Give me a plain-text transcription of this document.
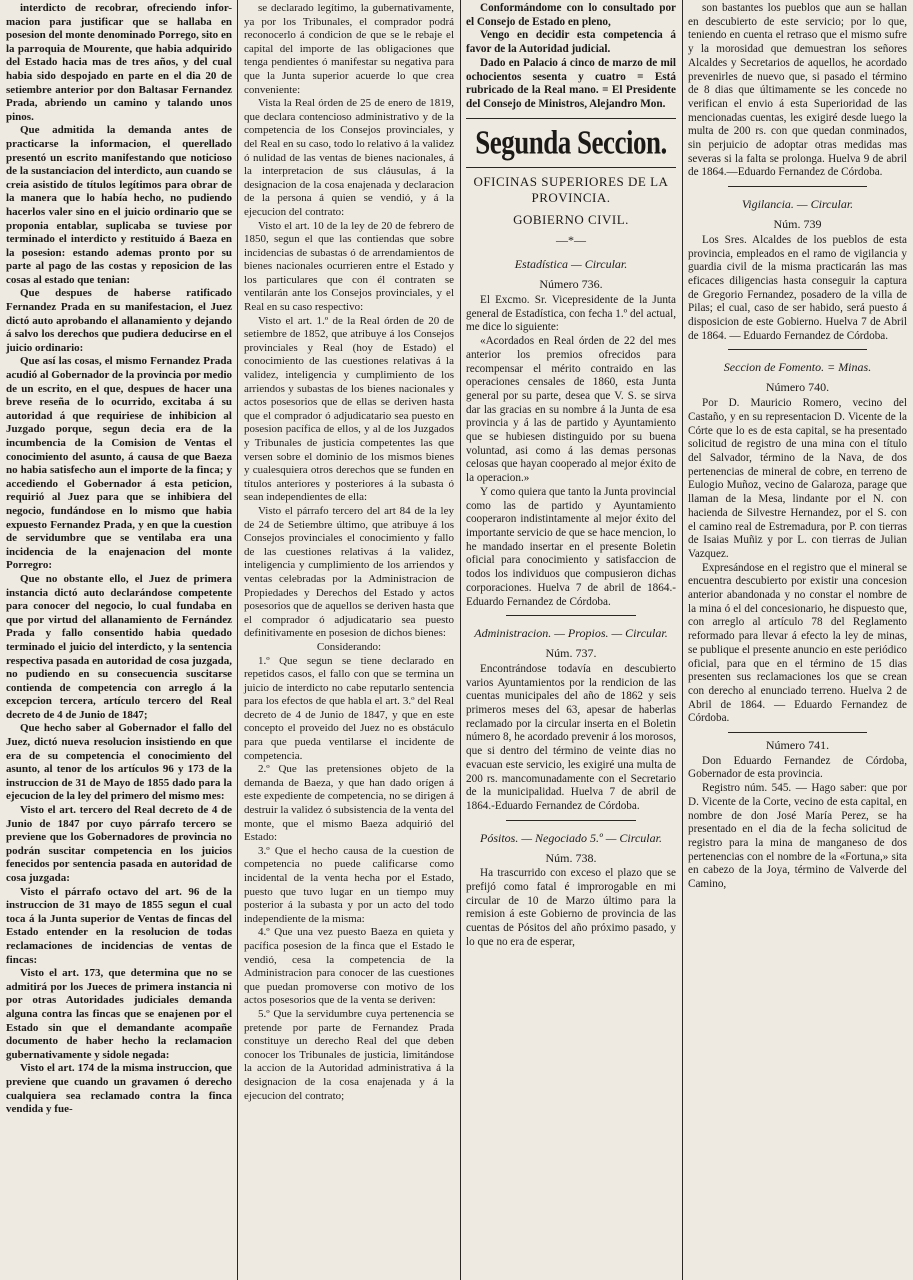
interdicto de recobrar, ofreciendo infor- macion para justificar que se hallaba en posesion del monte denominado Porrego, sito en la parroquia de Mourente, que habia adquirido del Estado hacia mas de tres años, y del cual habia sido despojado en parte en el dia 20 de setiembre anterior por don Baltasar Fernandez Prada, abriendo un camino y talando unos pinos.

Que admitida la demanda antes de practicarse la informacion, el querellado presentó un escrito manifestando que noticioso de la sustanciacion del interdicto, aun cuando se creia asistido de títulos legítimos para obrar de la manera que lo había hecho, no pudiendo hacerlos valer sino en el juicio ordinario que se proponia entablar, suplicaba se tuviese por terminado el interdicto y restituido á Baeza en la posesion: estando ademas pronto por su parte al pago de las costas y reposicion de las cosas al estado que tenian:

Que despues de haberse ratificado Fernandez Prada en su manifestacion, el Juez dictó auto aprobando el allanamiento y dejando á salvo los derechos que pudiera deducirse en el juicio ordinario:

Que así las cosas, el mismo Fernandez Prada acudió al Gobernador de la provincia por medio de un escrito, en el que, despues de hacer una breve reseña de lo ocurrido, excitaba á su autoridad á que requiriese de inhibicion al Juzgado porque, segun decia era de la incumbencia de la Comision de Ventas el conocimiento del asunto, á causa de que Baeza no habia satisfecho aun el importe de la finca; y accediendo el Gobernador á esta peticion, requirió al Juez para que se inhibiera del negocio, fundándose en lo mismo que habia expuesto Fernandez Prada, y en que la cuestion de servidumbre que se ventilaba era una incidencia de la enajenacion del monte Porregro:

Que no obstante ello, el Juez de primera instancia dictó auto declarándose competente para conocer del negocio, lo cual fundaba en que por virtud del allanamiento de Fernández Prada y fallo consentido habia quedado terminado el juicio del interdicto, y la sentencia respectiva pasada en autoridad de cosa juzgada, no pudiendo en su consecuencia suscitarse contienda de competencia con arreglo á la excepcion tercera, artículo tercero del Real decreto de 4 de Junio de 1847;

Que hecho saber al Gobernador el fallo del Juez, dictó nueva resolucion insistiendo en que era de su competencia el conocimiento del asunto, al tenor de los artículos 96 y 173 de la instruccion de 31 de Mayo de 1855 dado para la ejecucion de la ley del primero del mismo mes:

Visto el art. tercero del Real decreto de 4 de Junio de 1847 por cuyo párrafo tercero se previene que los Gobernadores de provincia no podrán suscitar competencia en los juicios fenecidos por sentencia pasada en autoridad de cosa juzgada:

Visto el párrafo octavo del art. 96 de la instruccion de 31 mayo de 1855 segun el cual toca á la Junta superior de Ventas de fincas del Estado entender en la resolucion de todas reclamaciones de incidencias de ventas de fincas:

Visto el art. 173, que determina que no se admitirá por los Jueces de primera instancia ni por otras Autoridades judiciales demanda alguna contra las fincas que se enajenen por el Estado sin que el demandante acompañe documento de haber hecho la reclamacion gubernativamente y sidole negada:

Visto el art. 174 de la misma instruccion, que previene que cuando un gravamen ó derecho cualquiera sea reclamado contra la finca vendida y fue-

se declarado legítimo, la gubernativamente, ya por los Tribunales, el comprador podrá reconocerlo á condicion de que se le rebaje el capital del importe de las obligaciones que tenga pendientes ó manifestar su negativa para que la Junta superior acuerde lo que crea conveniente:

Vista la Real órden de 25 de enero de 1819, que declara contencioso administrativo y de la competencia de los Consejos provinciales, y del Real en su caso, todo lo relativo á la validez ó nulidad de las ventas de bienes nacionales, á la interpretacion de sus cláusulas, á la designacion de la cosa enajenada y declaracion de la persona á quien se vendió, y á la ejecucion del contrato:

Visto el art. 10 de la ley de 20 de febrero de 1850, segun el que las contiendas que sobre incidencias de subastas ó de arrendamientos de bienes nacionales ocurrieren entre el Estado y los particulares que con él contraten se ventilarán ante los Consejos provinciales, y el Real en su caso respectivo:

Visto el art. 1.º de la Real órden de 20 de setiembre de 1852, que atribuye á los Consejos provinciales y Real (hoy de Estado) el conocimiento de las cuestiones relativas á la validez, inteligencia y cumplimiento de los arriendos y subastas de los bienes nacionales y actos posesorios que de ellas se deriven hasta que el comprador ó adjudicatario sea puesto en posesion pacífica de ellos, y al de los Juzgados y Tribunales de justicia competentes las que versen sobre el dominio de los mismos bienes y cualesquiera otros derechos que se funden en títulos anteriores y posteriores á la subasta ó sean independientes de ella:

Visto el párrafo tercero del art 84 de la ley de 24 de Setiembre último, que atribuye á los Consejos provinciales el conocimiento y fallo de las cuestiones relativas á la validez, inteligencia y cumplimiento de los arriendos y ventas celebradas por la Administracion de Propiedades y Derechos del Estado y actos posesorios que de aquellos se deriven hasta que el comprador ó adjudicatario sea puesto definitivamente en posesion de dichos bienes:

Considerando:

1.º Que segun se tiene declarado en repetidos casos, el fallo con que se termina un juicio de interdicto no cabe reputarlo sentencia para los efectos de que habla el art. 3.º del Real decreto de 4 de Junio de 1847, y que en este concepto el proveido del Juez no es obstáculo para que pueda ventilarse el incidente de competencia.

2.º Que las pretensiones objeto de la demanda de Baeza, y que han dado orígen á este expediente de competencia, no se dirigen á destruir la validez ó subsistencia de la venta del monte, que el mismo Baeza adquirió del Estado:

3.º Que el hecho causa de la cuestion de competencia no puede calificarse como incidental de la venta hecha por el Estado, puesto que tuvo lugar en un tiempo muy posterior á la subasta y por un acto del todo independiente de la misma:

4.º Que una vez puesto Baeza en quieta y pacífica posesion de la finca que el Estado le vendió, cesa la competencia de la Administracion para conocer de las cuestiones que puedan promoverse con motivo de los actos posesorios que de la venta se deriven:

5.º Que la servidumbre cuya pertenencia se pretende por parte de Fernandez Prada constituye un derecho Real del que deben conocer los Tribunales de justicia, limitándose la accion de la Autoridad administrativa á la designacion de la cosa enajenada y á la ejecucion del contrato;

Conformándome con lo consultado por el Consejo de Estado en pleno,

Vengo en decidir esta competencia á favor de la Autoridad judicial.

Dado en Palacio á cinco de marzo de mil ochocientos sesenta y cuatro = Está rubricado de la Real mano. = El Presidente del Consejo de Ministros, Alejandro Mon.

Segunda Seccion.
OFICINAS SUPERIORES DE LA PROVINCIA.
GOBIERNO CIVIL.
—*—
Estadística — Circular.
Número 736.

El Excmo. Sr. Vicepresidente de la Junta general de Estadística, con fecha 1.º del actual, me dice lo siguiente:

«Acordados en Real órden de 22 del mes anterior los premios ofrecidos para recompensar el mérito contraido en las operaciones censales de 1860, esta Junta general por su parte, desea que V. S. se sirva dar las gracias en su nombre á la Junta de esa provincia y á las de partido y Ayuntamiento que se hubiesen distinguido por su buena voluntad, asi como á las demas personas celosas que hayan cooperado al mejor éxito de la operacion.»

Y como quiera que tanto la Junta provincial como las de partido y Ayuntamiento cooperaron indistintamente al mejor éxito del importante servicio de que se hace mencion, lo he mandado insertar en el presente Boletin oficial para conocimiento y satisfaccion de todos los individuos que compusieron dichas corporaciones. Huelva 7 de abril de 1864.-Eduardo Fernandez de Córdoba.

Administracion. — Propios. — Circular.
Núm. 737.

Encontrándose todavía en descubierto varios Ayuntamientos por la rendicion de las cuentas municipales del año de 1862 y seis primeros meses del 63, apesar de haberlas reclamado por la circular inserta en el Boletin número 8, he acordado prevenir á los morosos, que si dentro del término de veinte dias no evacuan este servicio, les exigiré una multa de 200 rs. mancomunadamente con el Secretario de la municipalidad. Huelva 7 de abril de 1864.-Eduardo Fernandez de Córdoba.

Pósitos. — Negociado 5.º — Circular.
Núm. 738.

Ha trascurrido con exceso el plazo que se prefijó como fatal é improrogable en mi circular de 10 de Marzo último para la remision á este Gobierno de provincia de las cuentas de Pósitos del año próximo pasado, y lo que no era de esperar,

son bastantes los pueblos que aun se hallan en descubierto de este servicio; por lo que, teniendo en cuenta el retraso que el mismo sufre y la morosidad que demuestran los señores Alcaldes y Secretarios de aquellos, he acordado prevenirles de nuevo que, si pasado el término de 8 dias que últimamente se les concede no verifican el envio á esta Superioridad de las mencionadas cuentas, les exigiré desde luego la multa de 200 rs. con que quedan conminados, sin perjuicio de adoptar otras medidas mas severas si la falta se prolonga. Huelva 9 de abril de 1864.—Eduardo Fernandez de Córdoba.

Vigilancia. — Circular.
Núm. 739

Los Sres. Alcaldes de los pueblos de esta provincia, empleados en el ramo de vigilancia y guardia civil de la misma practicarán las mas eficaces diligencias hasta conseguir la captura de Gregorio Fernandez, posadero de la villa de Pilas; el cual, caso de ser habido, será puesto á disposicion de este Gobierno. Huelva 7 de Abril de 1864. — Eduardo Fernandez de Córdoba.

Seccion de Fomento. = Minas.
Número 740.

Por D. Mauricio Romero, vecino del Castaño, y en su representacion D. Vicente de la Córte que lo es de esta capital, se ha presentado solicitud de registro de una mina con el título del Salvador, término de la Nava, de dos pertenencias de mineral de cobre, en terreno de Eulogio Muñoz, vecino de Galaroza, parage que llaman de la Mesa, lindante por el N. con hacienda de Silvestre Hernandez, por el S. con el camino real de Estremadura, por P. con tierras de Isaias Muñiz y por L. con tierras de Julian Vazquez.

Expresándose en el registro que el mineral se encuentra descubierto por existir una concesion anterior abandonada y no constar el nombre de la mina ó el del concesionario, he dispuesto que, con arreglo al artículo 78 del Reglamento reformado para llevar á efecto la ley de minas, se publique el presente anuncio en este periódico oficial, para que en el término de 15 dias presenten sus reclamaciones los que se crean con derecho al enunciado terreno. Huelva 2 de Abril de 1864. — Eduardo Fernandez de Córdoba.

Número 741.

Don Eduardo Fernandez de Córdoba, Gobernador de esta provincia.

Registro núm. 545. — Hago saber: que por D. Vicente de la Corte, vecino de esta capital, en nombre de don José María Perez, se ha presentado en el dia de la fecha solicitud de registro para la mina de manganeso de dos pertenencias con el nombre de la «Fortuna,» sita en cabezo de la Joya, término de Valverde del Camino,
